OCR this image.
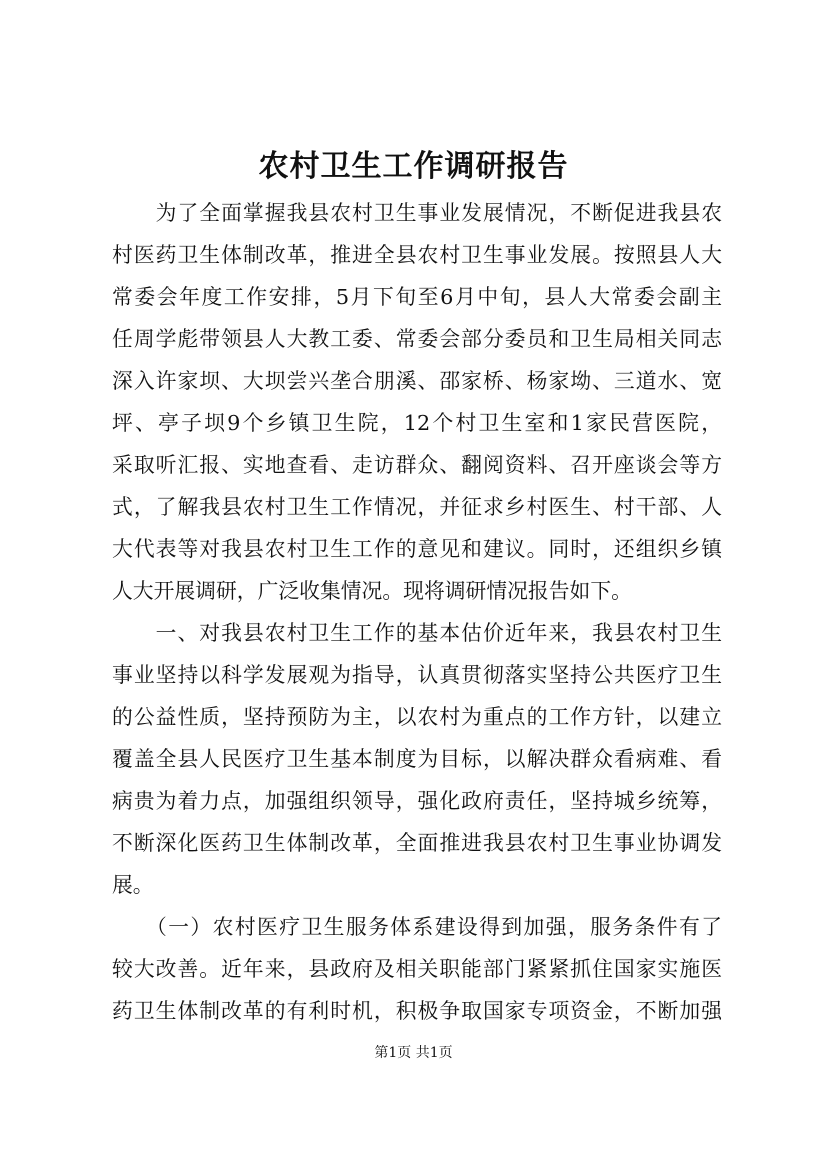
农村卫生工作调研报告
　　为了全面掌握我县农村卫生事业发展情况，不断促进我县农
村医药卫生体制改革，推进全县农村卫生事业发展。按照县人大
常委会年度工作安排，5月下旬至6月中旬，县人大常委会副主
任周学彪带领县人大教工委、常委会部分委员和卫生局相关同志
深入许家坝、大坝尝兴垄合朋溪、邵家桥、杨家坳、三道水、宽
坪、亭子坝9个乡镇卫生院，12个村卫生室和1家民营医院，
采取听汇报、实地查看、走访群众、翻阅资料、召开座谈会等方
式，了解我县农村卫生工作情况，并征求乡村医生、村干部、人
大代表等对我县农村卫生工作的意见和建议。同时，还组织乡镇
人大开展调研，广泛收集情况。现将调研情况报告如下。
　　一、对我县农村卫生工作的基本估价近年来，我县农村卫生
事业坚持以科学发展观为指导，认真贯彻落实坚持公共医疗卫生
的公益性质，坚持预防为主，以农村为重点的工作方针，以建立
覆盖全县人民医疗卫生基本制度为目标，以解决群众看病难、看
病贵为着力点，加强组织领导，强化政府责任，坚持城乡统筹，
不断深化医药卫生体制改革，全面推进我县农村卫生事业协调发
展。
　　（一）农村医疗卫生服务体系建设得到加强，服务条件有了
较大改善。近年来，县政府及相关职能部门紧紧抓住国家实施医
药卫生体制改革的有利时机，积极争取国家专项资金，不断加强
第1页 共1页
